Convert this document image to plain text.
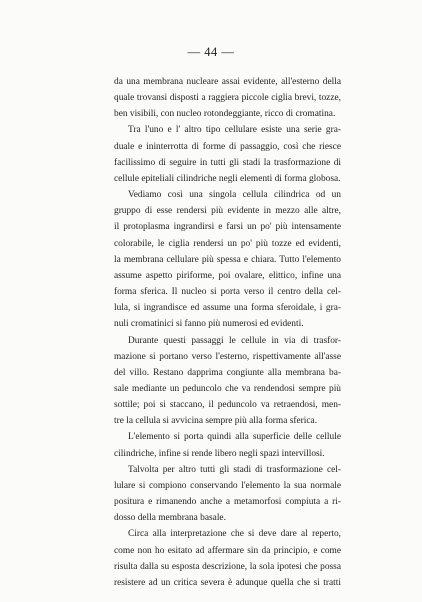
— 44 —
da una membrana nucleare assai evidente, all'esterno della
quale trovansi disposti a raggiera piccole ciglia brevi, tozze,
ben visibili, con nucleo rotondeggiante, ricco di cromatina.
Tra l'uno e l' altro tipo cellulare esiste una serie gra-
duale e ininterrotta di forme di passaggio, così che riesce
facilissimo di seguire in tutti gli stadi la trasformazione di
cellule epiteliali cilindriche negli elementi di forma globosa.
Vediamo così una singola cellula cilindrica od un
gruppo di esse rendersi più evidente in mezzo alle altre,
il protoplasma ingrandirsi e farsi un po' più intensamente
colorabile, le ciglia rendersi un po' più tozze ed evidenti,
la membrana cellulare più spessa e chiara. Tutto l'elemento
assume aspetto piriforme, poi ovalare, elittico, infine una
forma sferica. Il nucleo si porta verso il centro della cel-
lula, si ingrandisce ed assume una forma sferoidale, i gra-
nuli cromatinici si fanno più numerosi ed evidenti.
Durante questi passaggi le cellule in via di trasfor-
mazione si portano verso l'esterno, rispettivamente all'asse
del villo. Restano dapprima congiunte alla membrana ba-
sale mediante un peduncolo che va rendendosi sempre più
sottile; poi si staccano, il peduncolo va retraendosi, men-
tre la cellula si avvicina sempre più alla forma sferica.
L'elemento si porta quindi alla superficie delle cellule
cilindriche, infine si rende libero negli spazi intervillosi.
Talvolta per altro tutti gli stadi di trasformazione cel-
lulare si compiono conservando l'elemento la sua normale
positura e rimanendo anche a metamorfosi compiuta a ri-
dosso della membrana basale.
Circa alla interpretazione che si deve dare al reperto,
come non ho esitato ad affermare sin da principio, e come
risulta dalla su esposta descrizione, la sola ipotesi che possa
resistere ad un critica severa è adunque quella che si tratti
